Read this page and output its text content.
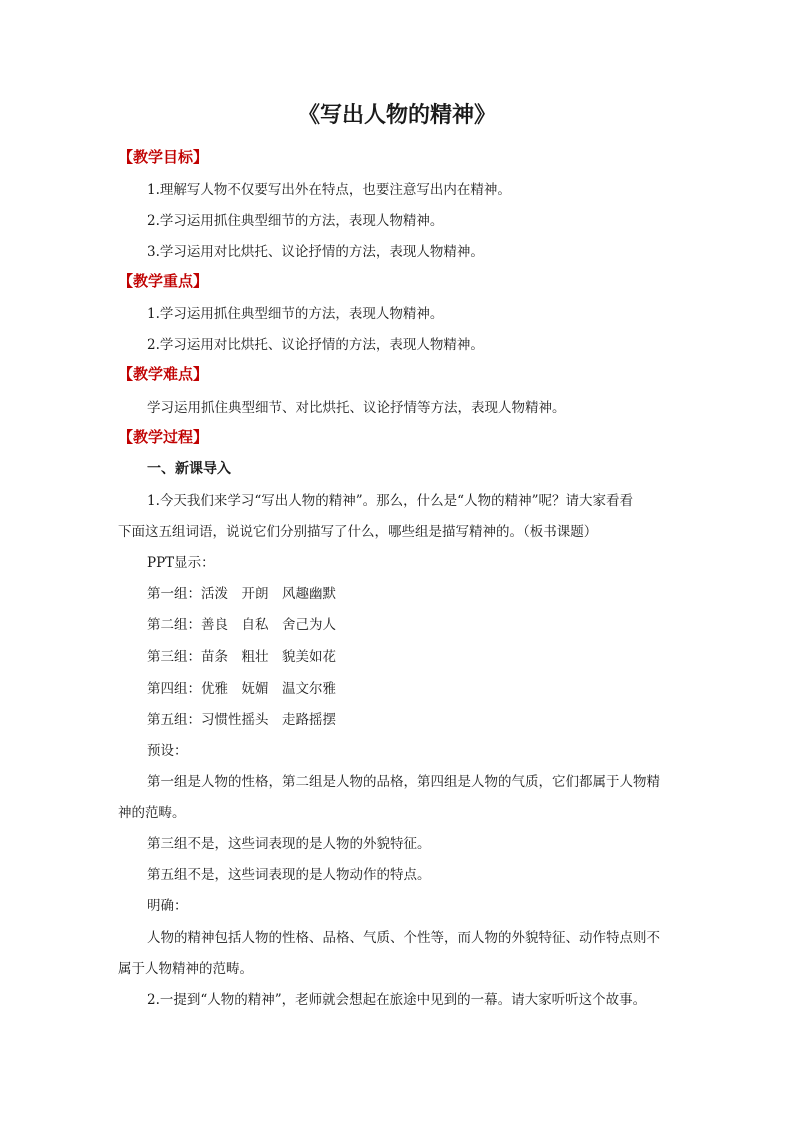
《写出人物的精神》
【教学目标】
1.理解写人物不仅要写出外在特点，也要注意写出内在精神。
2.学习运用抓住典型细节的方法，表现人物精神。
3.学习运用对比烘托、议论抒情的方法，表现人物精神。
【教学重点】
1.学习运用抓住典型细节的方法，表现人物精神。
2.学习运用对比烘托、议论抒情的方法，表现人物精神。
【教学难点】
学习运用抓住典型细节、对比烘托、议论抒情等方法，表现人物精神。
【教学过程】
一、新课导入
1.今天我们来学习“写出人物的精神”。那么，什么是“人物的精神”呢？请大家看看
下面这五组词语，说说它们分别描写了什么，哪些组是描写精神的。（板书课题）
PPT显示：
第一组：活泼　开朗　风趣幽默
第二组：善良　自私　舍己为人
第三组：苗条　粗壮　貌美如花
第四组：优雅　妩媚　温文尔雅
第五组：习惯性摇头　走路摇摆
预设：
第一组是人物的性格，第二组是人物的品格，第四组是人物的气质，它们都属于人物精
神的范畴。
第三组不是，这些词表现的是人物的外貌特征。
第五组不是，这些词表现的是人物动作的特点。
明确：
人物的精神包括人物的性格、品格、气质、个性等，而人物的外貌特征、动作特点则不
属于人物精神的范畴。
2.一提到“人物的精神”，老师就会想起在旅途中见到的一幕。请大家听听这个故事。
